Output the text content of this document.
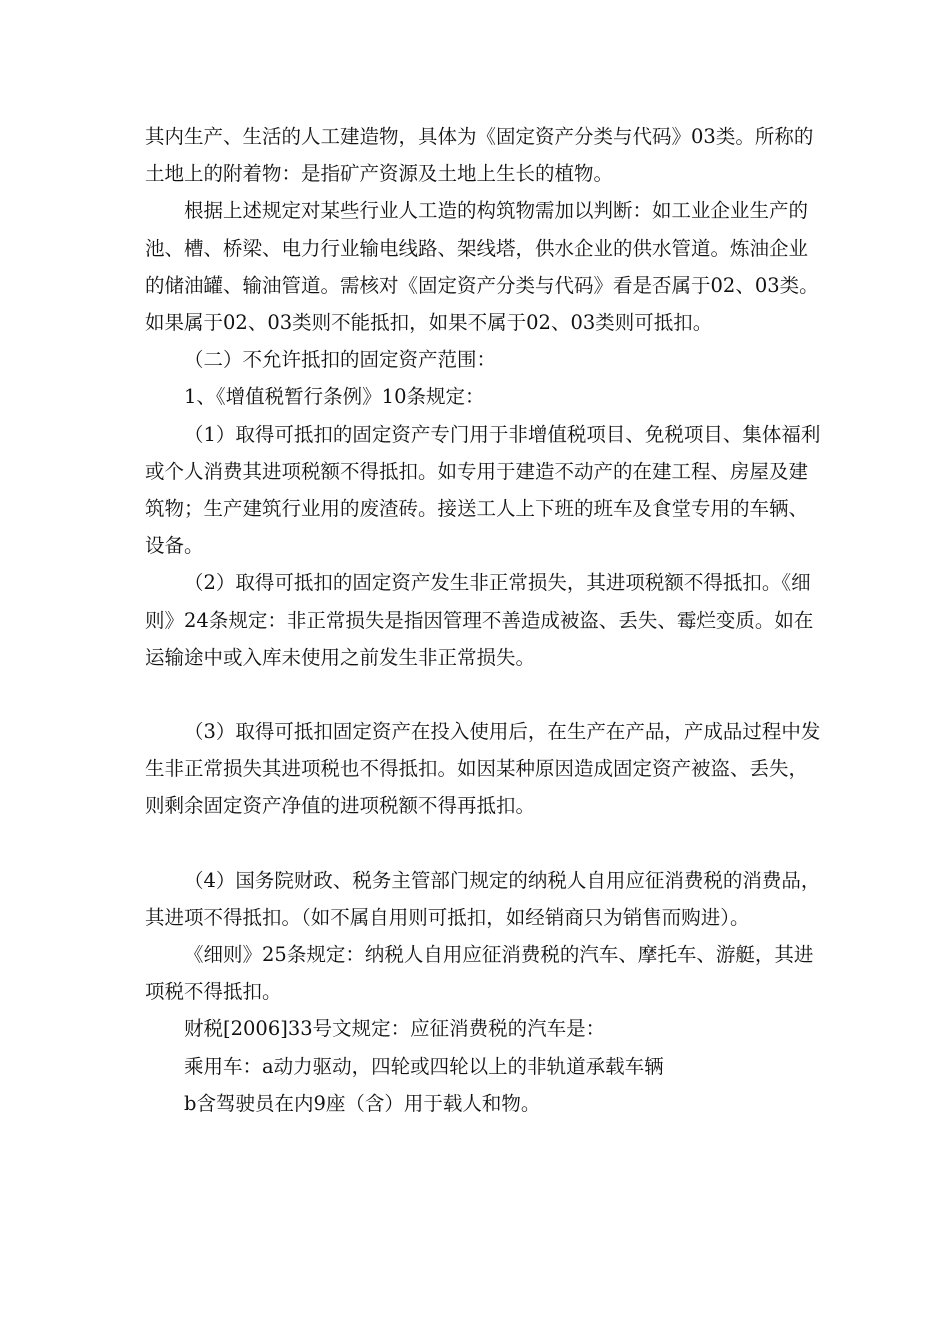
其内生产、生活的人工建造物，具体为《固定资产分类与代码》03类。所称的土地上的附着物：是指矿产资源及土地上生长的植物。

根据上述规定对某些行业人工造的构筑物需加以判断：如工业企业生产的池、槽、桥梁、电力行业输电线路、架线塔，供水企业的供水管道。炼油企业的储油罐、输油管道。需核对《固定资产分类与代码》看是否属于02、03类。如果属于02、03类则不能抵扣，如果不属于02、03类则可抵扣。

（二）不允许抵扣的固定资产范围：

1、《增值税暂行条例》10条规定：

（1）取得可抵扣的固定资产专门用于非增值税项目、免税项目、集体福利或个人消费其进项税额不得抵扣。如专用于建造不动产的在建工程、房屋及建筑物；生产建筑行业用的废渣砖。接送工人上下班的班车及食堂专用的车辆、设备。

（2）取得可抵扣的固定资产发生非正常损失，其进项税额不得抵扣。《细则》24条规定：非正常损失是指因管理不善造成被盗、丢失、霉烂变质。如在运输途中或入库未使用之前发生非正常损失。

（3）取得可抵扣固定资产在投入使用后，在生产在产品，产成品过程中发生非正常损失其进项税也不得抵扣。如因某种原因造成固定资产被盗、丢失，则剩余固定资产净值的进项税额不得再抵扣。

（4）国务院财政、税务主管部门规定的纳税人自用应征消费税的消费品，其进项不得抵扣。（如不属自用则可抵扣，如经销商只为销售而购进）。

《细则》25条规定：纳税人自用应征消费税的汽车、摩托车、游艇，其进项税不得抵扣。

财税[2006]33号文规定：应征消费税的汽车是：

乘用车：a动力驱动，四轮或四轮以上的非轨道承载车辆

b含驾驶员在内9座（含）用于载人和物。
